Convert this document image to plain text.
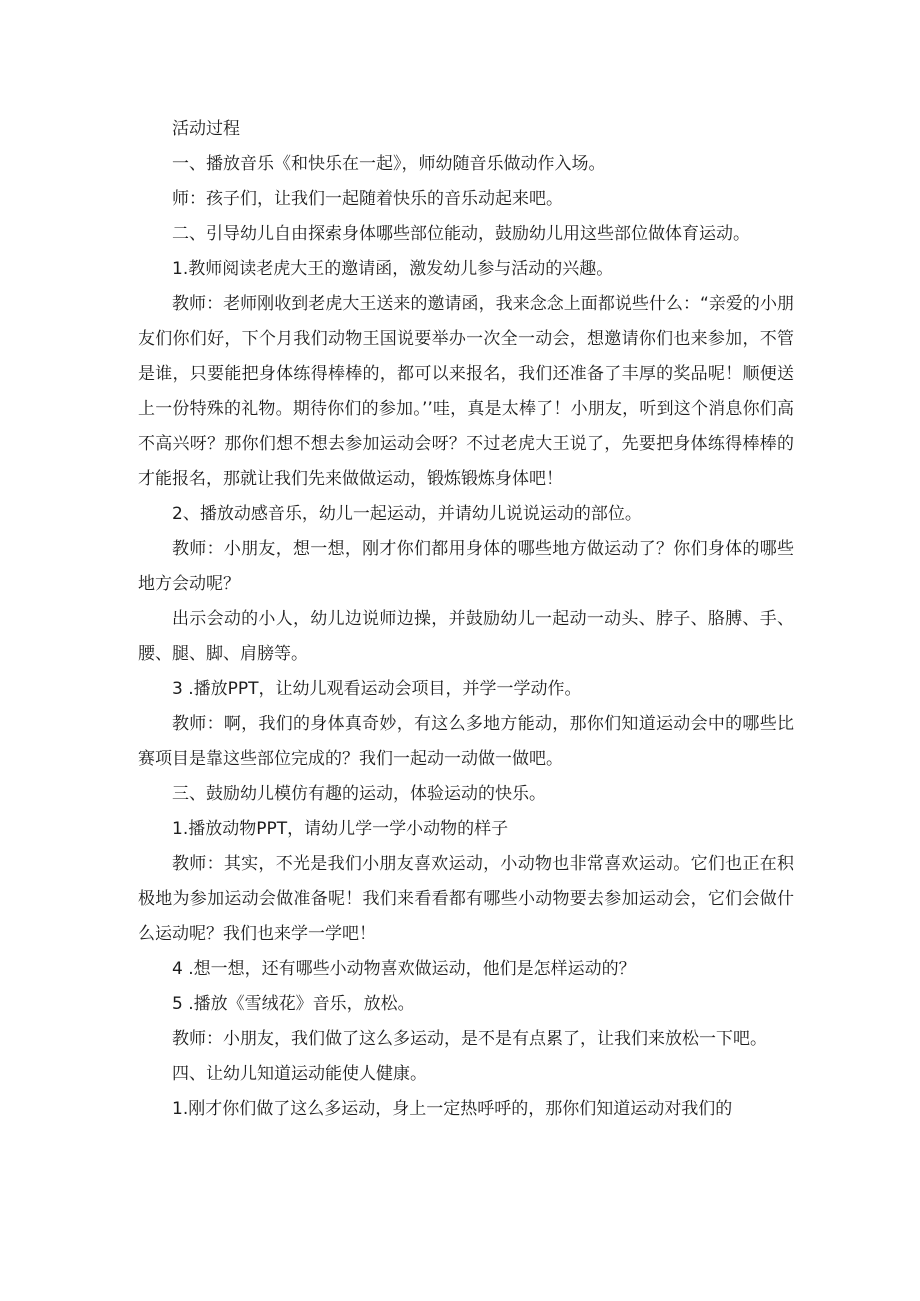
活动过程

一、播放音乐《和快乐在一起》，师幼随音乐做动作入场。

师：孩子们，让我们一起随着快乐的音乐动起来吧。

二、引导幼儿自由探索身体哪些部位能动，鼓励幼儿用这些部位做体育运动。

1.教师阅读老虎大王的邀请函，激发幼儿参与活动的兴趣。

教师：老师刚收到老虎大王送来的邀请函，我来念念上面都说些什么：“亲爱的小朋友们你们好，下个月我们动物王国说要举办一次全一动会，想邀请你们也来参加，不管是谁，只要能把身体练得棒棒的，都可以来报名，我们还准备了丰厚的奖品呢！顺便送上一份特殊的礼物。期待你们的参加。’’哇，真是太棒了！小朋友，听到这个消息你们高不高兴呀？那你们想不想去参加运动会呀？不过老虎大王说了，先要把身体练得棒棒的才能报名，那就让我们先来做做运动，锻炼锻炼身体吧！

2、播放动感音乐，幼儿一起运动，并请幼儿说说运动的部位。

教师：小朋友，想一想，刚才你们都用身体的哪些地方做运动了？你们身体的哪些地方会动呢？

出示会动的小人，幼儿边说师边操，并鼓励幼儿一起动一动头、脖子、胳膊、手、腰、腿、脚、肩膀等。

3 .播放PPT，让幼儿观看运动会项目，并学一学动作。

教师：啊，我们的身体真奇妙，有这么多地方能动，那你们知道运动会中的哪些比赛项目是靠这些部位完成的？我们一起动一动做一做吧。

三、鼓励幼儿模仿有趣的运动，体验运动的快乐。

1.播放动物PPT，请幼儿学一学小动物的样子

教师：其实，不光是我们小朋友喜欢运动，小动物也非常喜欢运动。它们也正在积极地为参加运动会做准备呢！我们来看看都有哪些小动物要去参加运动会，它们会做什么运动呢？我们也来学一学吧！

4 .想一想，还有哪些小动物喜欢做运动，他们是怎样运动的？

5 .播放《雪绒花》音乐，放松。

教师：小朋友，我们做了这么多运动，是不是有点累了，让我们来放松一下吧。

四、让幼儿知道运动能使人健康。

1.刚才你们做了这么多运动，身上一定热呼呼的，那你们知道运动对我们的
